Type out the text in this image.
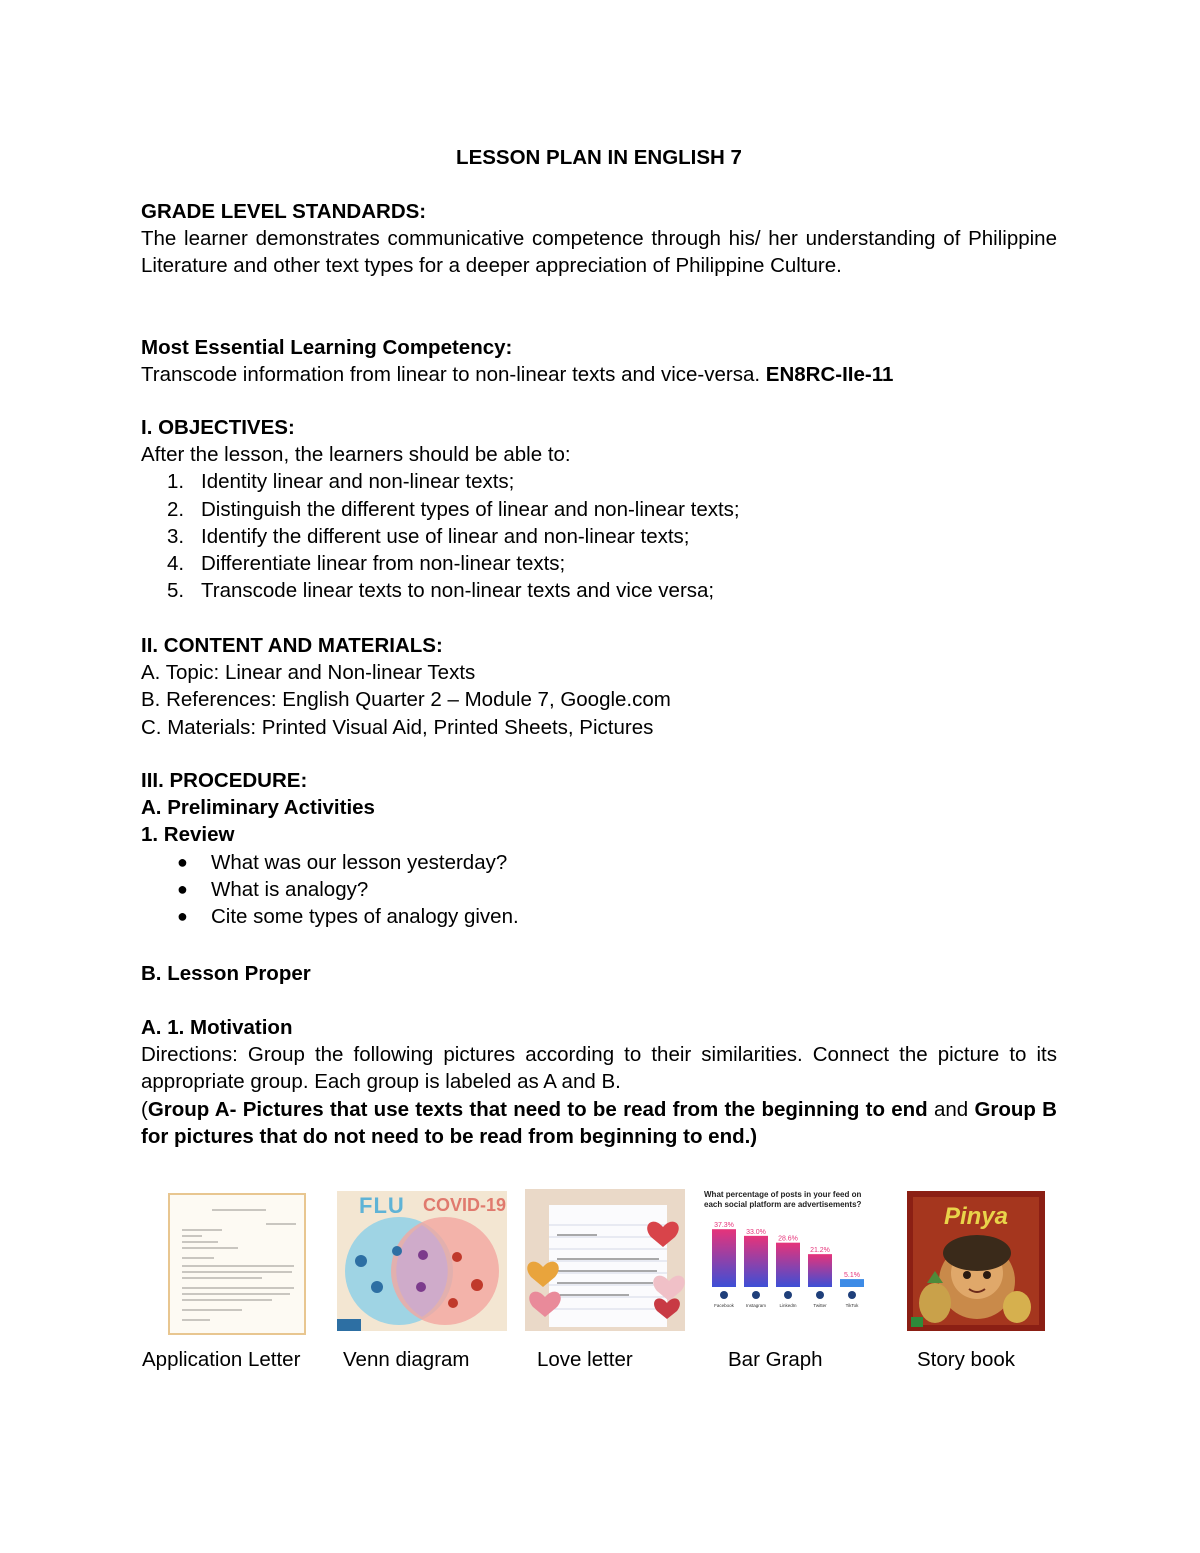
LESSON PLAN IN ENGLISH 7

GRADE LEVEL STANDARDS:

The learner demonstrates communicative competence through his/ her understanding of Philippine Literature and other text types for a deeper appreciation of Philippine Culture.

Most Essential Learning Competency:

Transcode information from linear to non-linear texts and vice-versa. EN8RC-IIe-11

I. OBJECTIVES:

After the lesson, the learners should be able to:

1. Identity linear and non-linear texts;
2. Distinguish the different types of linear and non-linear texts;
3. Identify the different use of linear and non-linear texts;
4. Differentiate linear from non-linear texts;
5. Transcode linear texts to non-linear texts and vice versa;

II. CONTENT AND MATERIALS:

A. Topic: Linear and Non-linear Texts

B. References: English Quarter 2 – Module 7, Google.com

C. Materials: Printed Visual Aid, Printed Sheets, Pictures

III. PROCEDURE:

A. Preliminary Activities

1. Review

● What was our lesson yesterday?
● What is analogy?
● Cite some types of analogy given.

B. Lesson Proper

A. 1. Motivation

Directions: Group the following pictures according to their similarities. Connect the picture to its appropriate group. Each group is labeled as A and B.

(Group A- Pictures that use texts that need to be read from the beginning to end and Group B for pictures that do not need to be read from beginning to end.)

FLU COVID-19
What percentage of posts in your feed on each social platform are advertisements?
37.3%
Facebook
33.0%
Instagram
28.6%
LinkedIn
21.2%
Twitter
5.1%
TikTok
Pinya
Application Letter Venn diagram	Love letter	Bar Graph	Story book
